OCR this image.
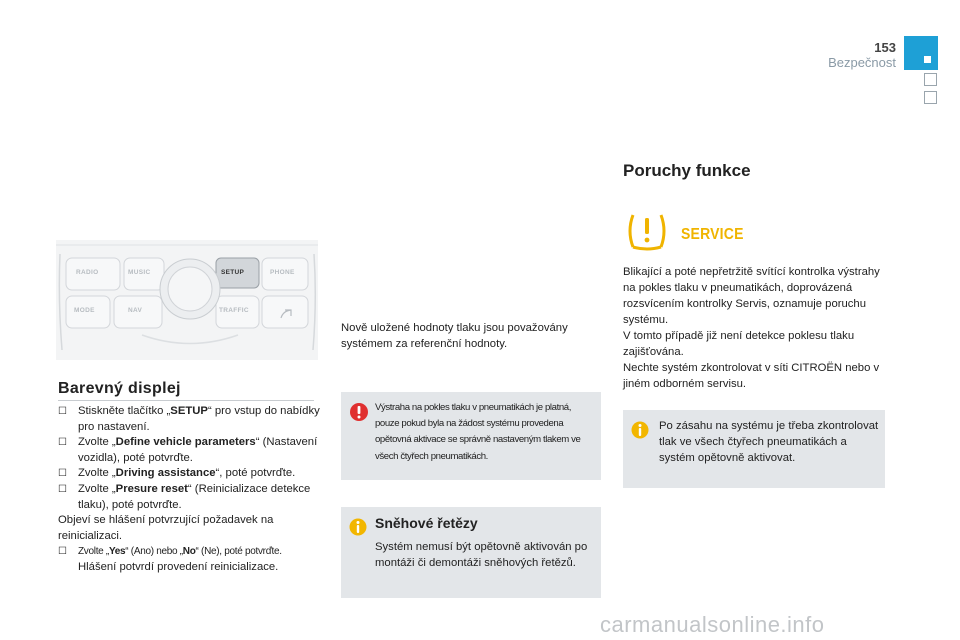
153
Bezpečnost
RADIO	MUSIC	SETUP	PHONE
MODE	NAV	TRAFFIC
Barevný displej
☐ Stiskněte tlačítko „SETUP“ pro vstup do nabídky pro nastavení.
☐ Zvolte „Define vehicle parameters“ (Nastavení vozidla), poté potvrďte.
☐ Zvolte „Driving assistance“, poté potvrďte.
☐ Zvolte „Presure reset“ (Reinicializace detekce tlaku), poté potvrďte.
Objeví se hlášení potvrzující požadavek na reinicializaci.
☐ Zvolte „Yes“ (Ano) nebo „No“ (Ne), poté potvrďte.
Hlášení potvrdí provedení reinicializace.
Nově uložené hodnoty tlaku jsou považovány systémem za referenční hodnoty.
Výstraha na pokles tlaku v pneumatikách je platná, pouze pokud byla na žádost systému provedena opětovná aktivace se správně nastaveným tlakem ve všech čtyřech pneumatikách.
Sněhové řetězy
Systém nemusí být opětovně aktivován po montáži či demontáži sněhových řetězů.
Poruchy funkce
SERVICE
Blikající a poté nepřetržitě svítící kontrolka výstrahy na pokles tlaku v pneumatikách, doprovázená rozsvícením kontrolky Servis, oznamuje poruchu systému.
V tomto případě již není detekce poklesu tlaku zajišťována.
Nechte systém zkontrolovat v síti CITROËN nebo v jiném odborném servisu.
Po zásahu na systému je třeba zkontrolovat tlak ve všech čtyřech pneumatikách a systém opětovně aktivovat.
carmanualsonline.info
